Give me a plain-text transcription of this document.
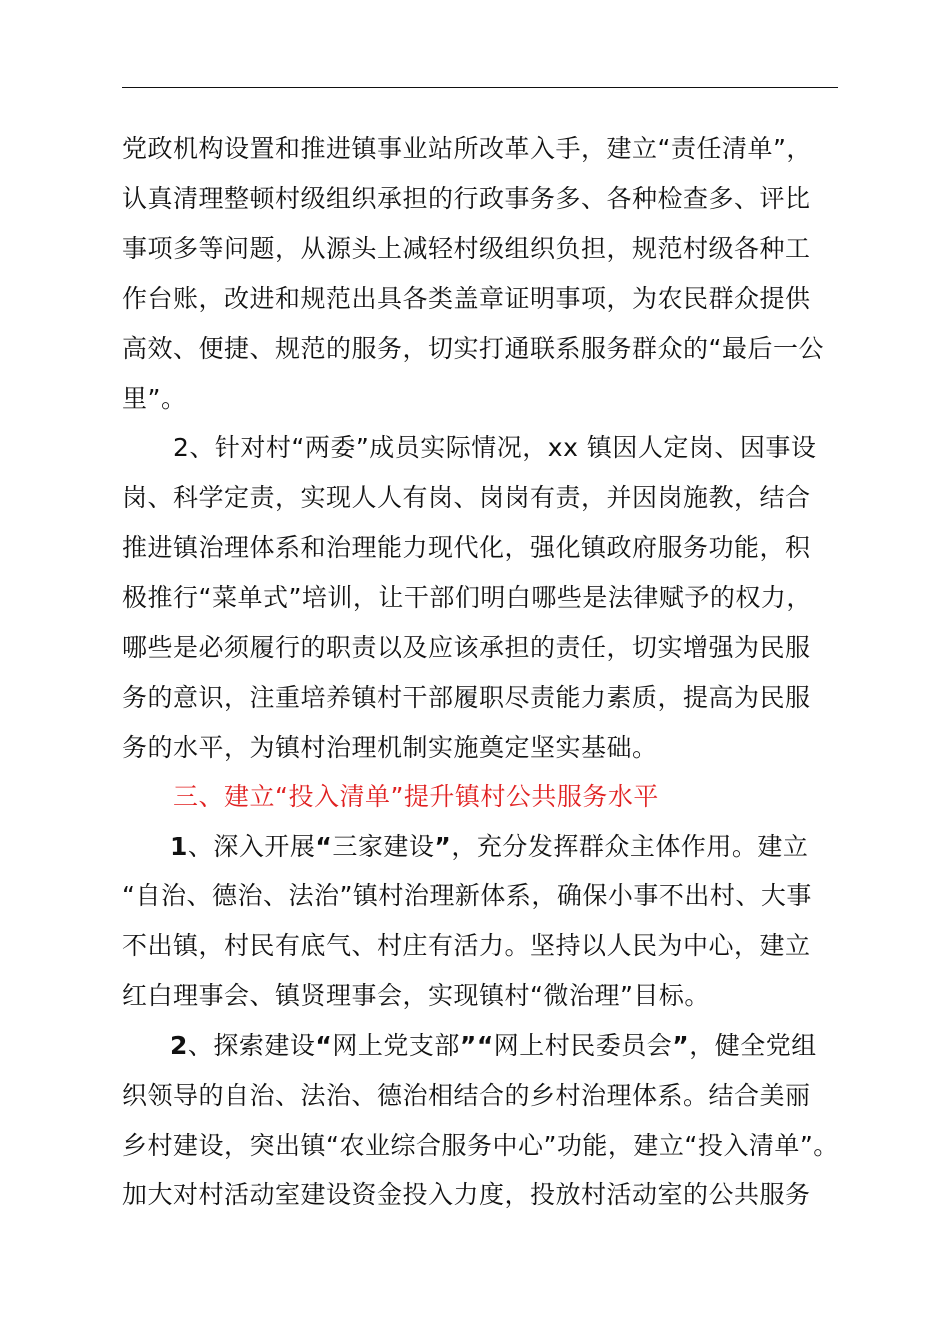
党政机构设置和推进镇事业站所改革入手，建立“责任清单”，
认真清理整顿村级组织承担的行政事务多、各种检查多、评比
事项多等问题，从源头上减轻村级组织负担，规范村级各种工
作台账，改进和规范出具各类盖章证明事项，为农民群众提供
高效、便捷、规范的服务，切实打通联系服务群众的“最后一公
里”。
　　2、针对村“两委”成员实际情况，xx 镇因人定岗、因事设
岗、科学定责，实现人人有岗、岗岗有责，并因岗施教，结合
推进镇治理体系和治理能力现代化，强化镇政府服务功能，积
极推行“菜单式”培训，让干部们明白哪些是法律赋予的权力，
哪些是必须履行的职责以及应该承担的责任，切实增强为民服
务的意识，注重培养镇村干部履职尽责能力素质，提高为民服
务的水平，为镇村治理机制实施奠定坚实基础。
　　三、建立“投入清单”提升镇村公共服务水平
1、深入开展“三家建设”，充分发挥群众主体作用。建立
“自治、德治、法治”镇村治理新体系，确保小事不出村、大事
不出镇，村民有底气、村庄有活力。坚持以人民为中心，建立
红白理事会、镇贤理事会，实现镇村“微治理”目标。
2、探索建设“网上党支部”“网上村民委员会”，健全党组
织领导的自治、法治、德治相结合的乡村治理体系。结合美丽
乡村建设，突出镇“农业综合服务中心”功能，建立“投入清单”。
加大对村活动室建设资金投入力度，投放村活动室的公共服务
